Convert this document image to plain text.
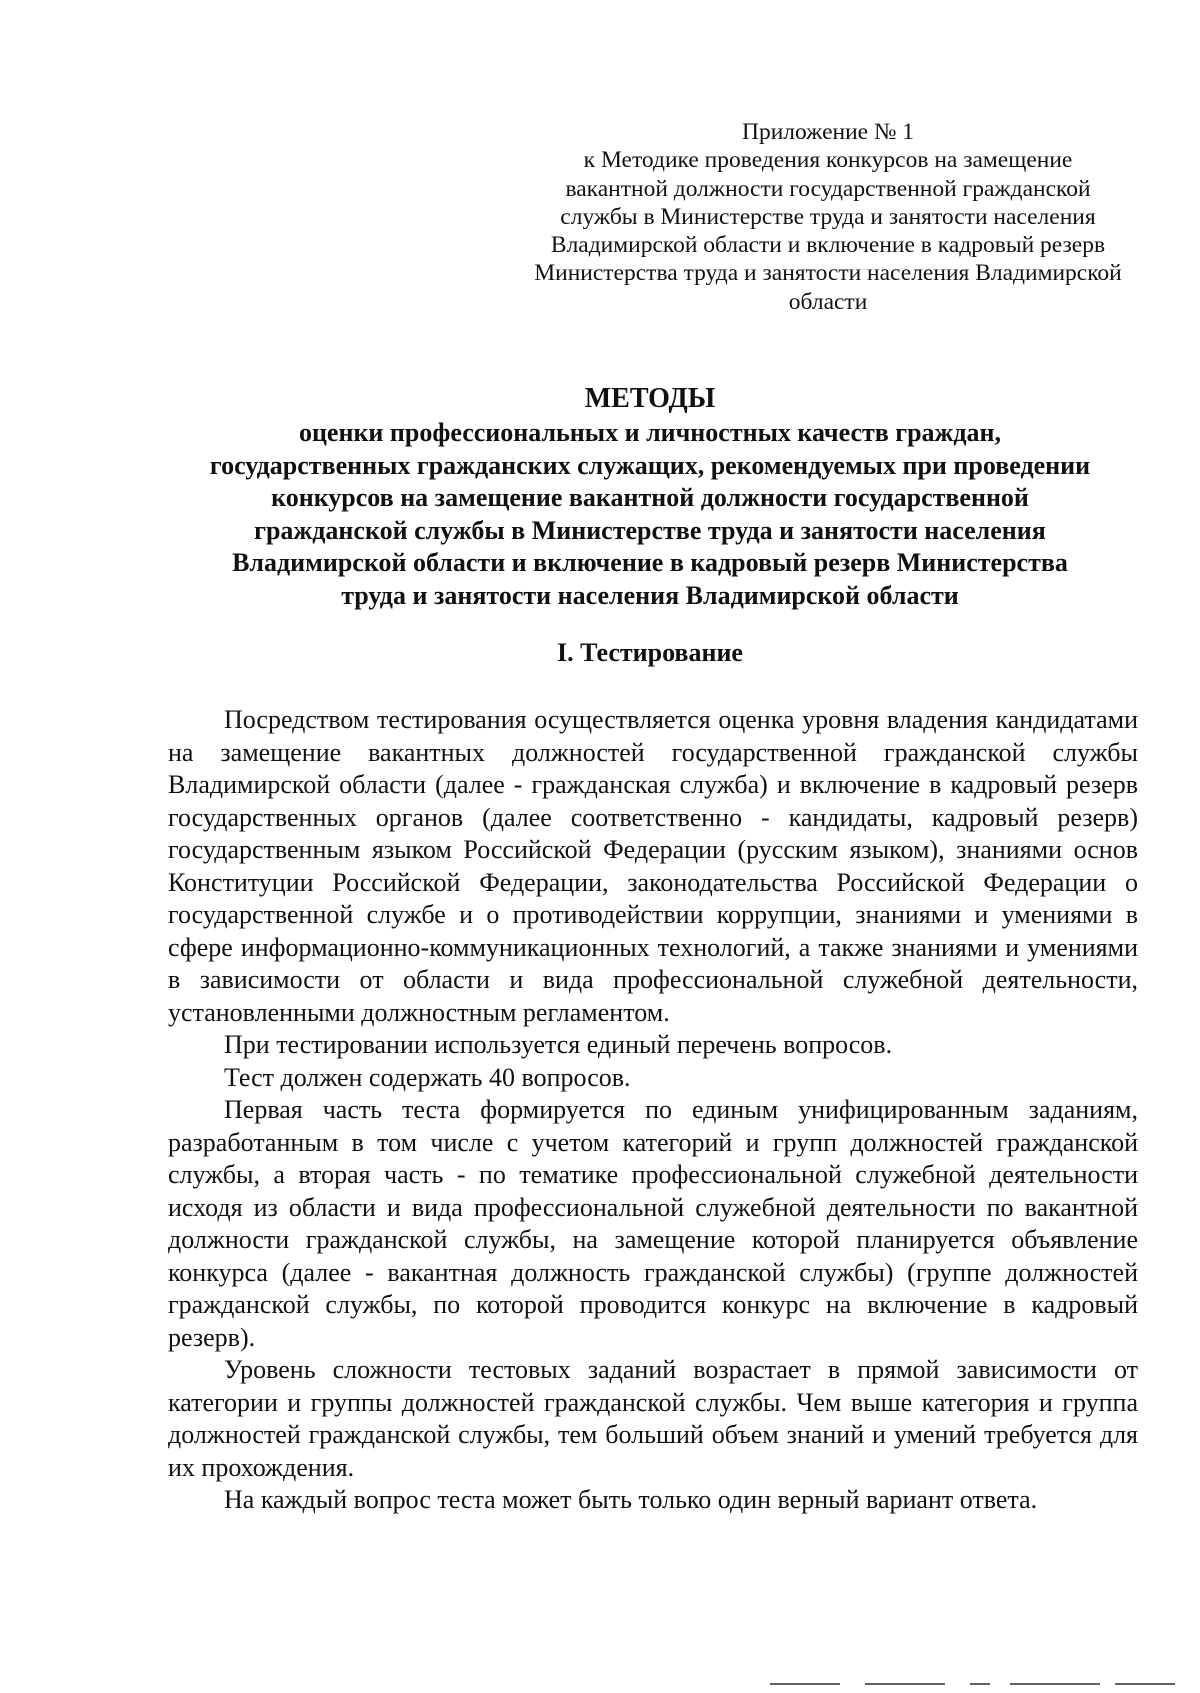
Приложение № 1
к Методике проведения конкурсов на замещение
вакантной должности государственной гражданской
службы в Министерстве труда и занятости населения
Владимирской области и включение в кадровый резерв
Министерства труда и занятости населения Владимирской
области
МЕТОДЫ
оценки профессиональных и личностных качеств граждан,
государственных гражданских служащих, рекомендуемых при проведении
конкурсов на замещение вакантной должности государственной
гражданской службы в Министерстве труда и занятости населения
Владимирской области и включение в кадровый резерв Министерства
труда и занятости населения Владимирской области
I. Тестирование

Посредством тестирования осуществляется оценка уровня владения кандидатами на замещение вакантных должностей государственной гражданской службы Владимирской области (далее - гражданская служба) и включение в кадровый резерв государственных органов (далее соответственно - кандидаты, кадровый резерв) государственным языком Российской Федерации (русским языком), знаниями основ Конституции Российской Федерации, законодательства Российской Федерации о государственной службе и о противодействии коррупции, знаниями и умениями в сфере информационно-коммуникационных технологий, а также знаниями и умениями в зависимости от области и вида профессиональной служебной деятельности, установленными должностным регламентом.

При тестировании используется единый перечень вопросов.

Тест должен содержать 40 вопросов.

Первая часть теста формируется по единым унифицированным заданиям, разработанным в том числе с учетом категорий и групп должностей гражданской службы, а вторая часть - по тематике профессиональной служебной деятельности исходя из области и вида профессиональной служебной деятельности по вакантной должности гражданской службы, на замещение которой планируется объявление конкурса (далее - вакантная должность гражданской службы) (группе должностей гражданской службы, по которой проводится конкурс на включение в кадровый резерв).

Уровень сложности тестовых заданий возрастает в прямой зависимости от категории и группы должностей гражданской службы. Чем выше категория и группа должностей гражданской службы, тем больший объем знаний и умений требуется для их прохождения.

На каждый вопрос теста может быть только один верный вариант ответа.
